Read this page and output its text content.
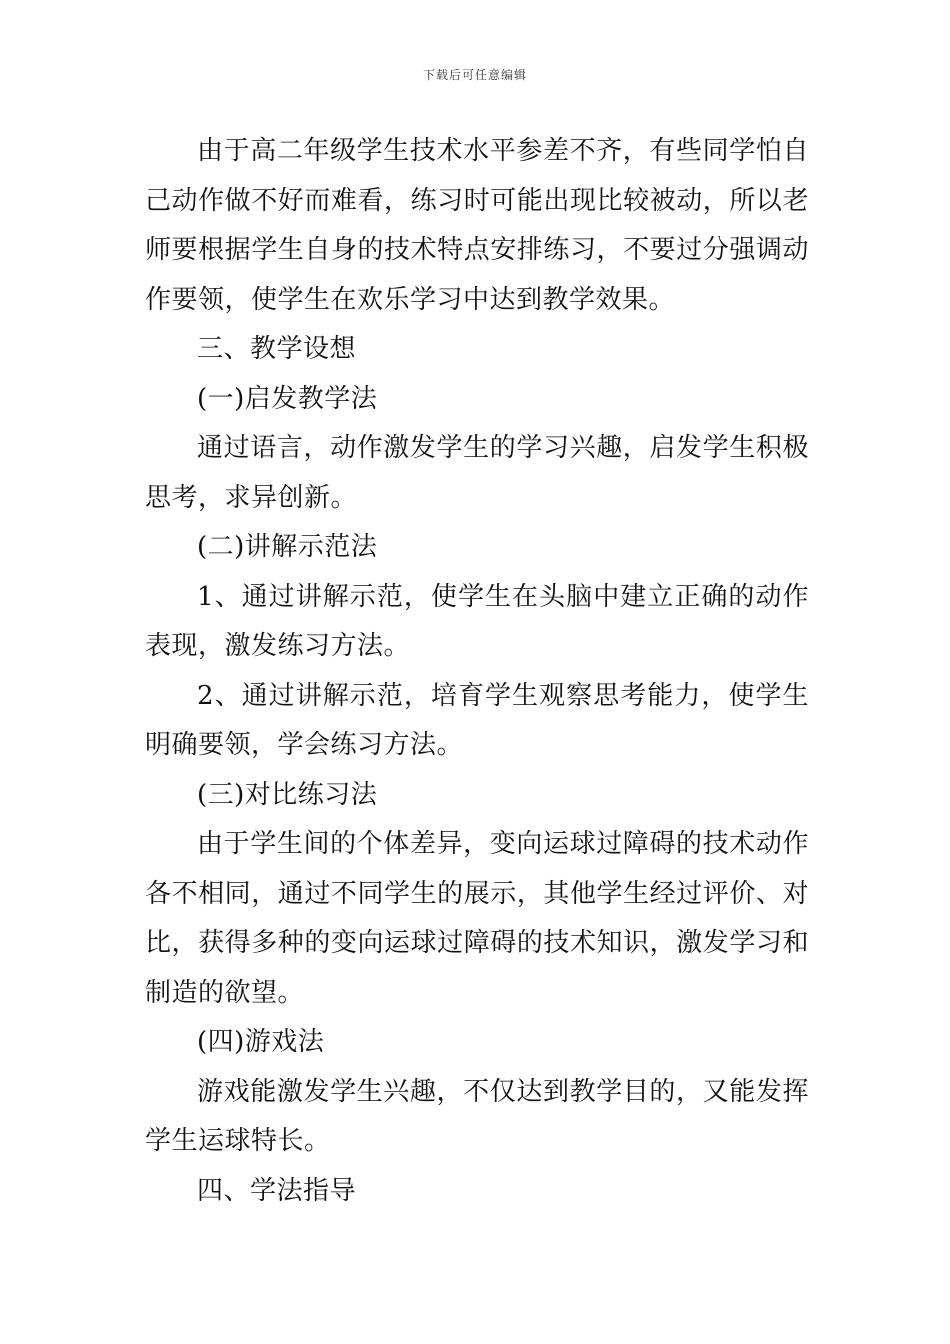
下载后可任意编辑

由于高二年级学生技术水平参差不齐，有些同学怕自己动作做不好而难看，练习时可能出现比较被动，所以老师要根据学生自身的技术特点安排练习，不要过分强调动作要领，使学生在欢乐学习中达到教学效果。

三、教学设想

(一)启发教学法

通过语言，动作激发学生的学习兴趣，启发学生积极思考，求异创新。

(二)讲解示范法

1、通过讲解示范，使学生在头脑中建立正确的动作表现，激发练习方法。

2、通过讲解示范，培育学生观察思考能力，使学生明确要领，学会练习方法。

(三)对比练习法

由于学生间的个体差异，变向运球过障碍的技术动作各不相同，通过不同学生的展示，其他学生经过评价、对比，获得多种的变向运球过障碍的技术知识，激发学习和制造的欲望。

(四)游戏法

游戏能激发学生兴趣，不仅达到教学目的，又能发挥学生运球特长。

四、学法指导
